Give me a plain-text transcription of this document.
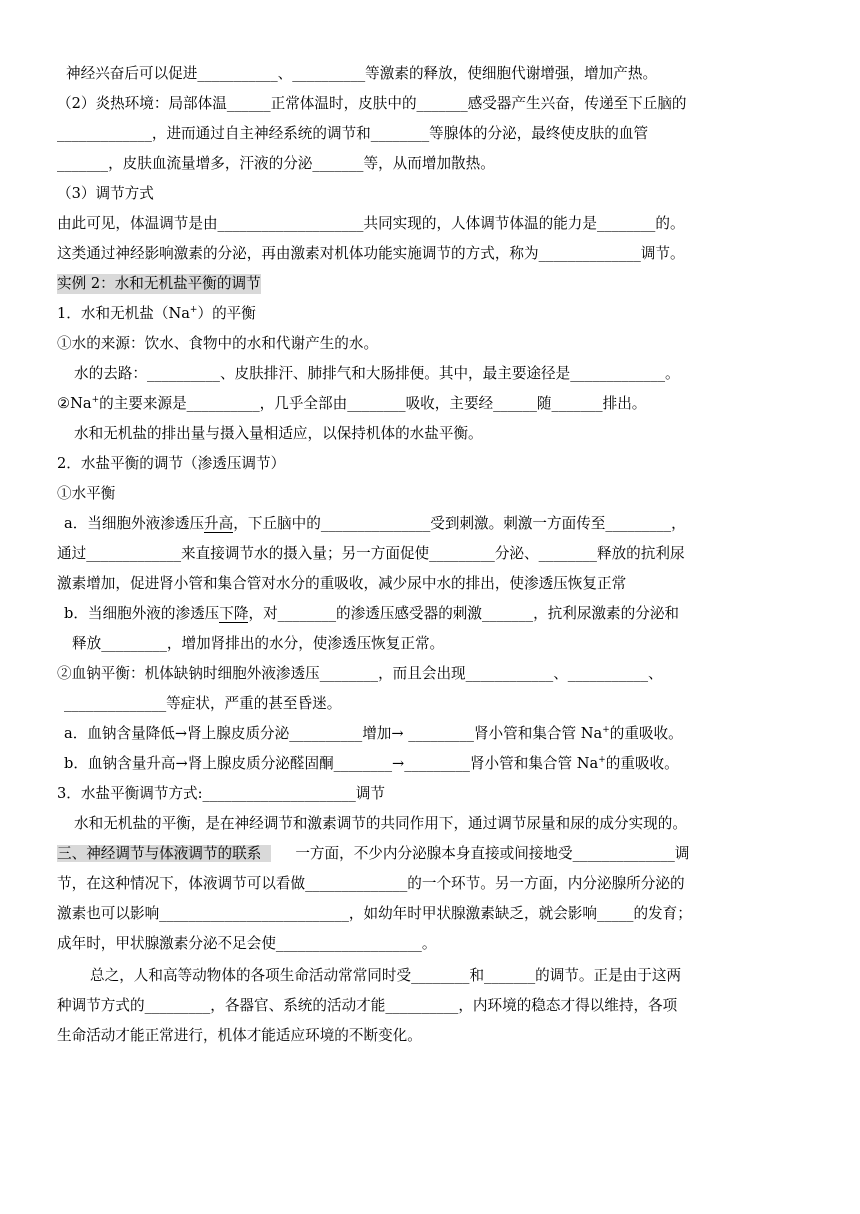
神经兴奋后可以促进___________、__________等激素的释放，使细胞代谢增强，增加产热。
（2）炎热环境：局部体温______正常体温时，皮肤中的_______感受器产生兴奋，传递至下丘脑的
_____________，进而通过自主神经系统的调节和________等腺体的分泌，最终使皮肤的血管
_______，皮肤血流量增多，汗液的分泌_______等，从而增加散热。
（3）调节方式
由此可见，体温调节是由____________________共同实现的，人体调节体温的能力是________的。
这类通过神经影响激素的分泌，再由激素对机体功能实施调节的方式，称为______________调节。
实例 2：水和无机盐平衡的调节
1．水和无机盐（Na+）的平衡
①水的来源：饮水、食物中的水和代谢产生的水。
水的去路：__________、皮肤排汗、肺排气和大肠排便。其中，最主要途径是_____________。
②Na+的主要来源是__________，几乎全部由________吸收，主要经______随_______排出。
水和无机盐的排出量与摄入量相适应，以保持机体的水盐平衡。
2．水盐平衡的调节（渗透压调节）
①水平衡
a．当细胞外液渗透压升高，下丘脑中的_______________受到刺激。刺激一方面传至_________，
通过_____________来直接调节水的摄入量；另一方面促使_________分泌、________释放的抗利尿
激素增加，促进肾小管和集合管对水分的重吸收，减少尿中水的排出，使渗透压恢复正常
b．当细胞外液的渗透压下降，对________的渗透压感受器的刺激_______，抗利尿激素的分泌和
释放_________，增加肾排出的水分，使渗透压恢复正常。
②血钠平衡：机体缺钠时细胞外液渗透压________，而且会出现____________、___________、
______________等症状，严重的甚至昏迷。
a．血钠含量降低→肾上腺皮质分泌__________增加→ _________肾小管和集合管 Na+的重吸收。
b．血钠含量升高→肾上腺皮质分泌醛固酮________→_________肾小管和集合管 Na+的重吸收。
3．水盐平衡调节方式:_____________________调节
水和无机盐的平衡，是在神经调节和激素调节的共同作用下，通过调节尿量和尿的成分实现的。
三、神经调节与体液调节的联系 一方面，不少内分泌腺本身直接或间接地受______________调
节，在这种情况下，体液调节可以看做______________的一个环节。另一方面，内分泌腺所分泌的
激素也可以影响__________________________，如幼年时甲状腺激素缺乏，就会影响_____的发育；
成年时，甲状腺激素分泌不足会使____________________。
总之，人和高等动物体的各项生命活动常常同时受________和_______的调节。正是由于这两
种调节方式的_________，各器官、系统的活动才能__________，内环境的稳态才得以维持，各项
生命活动才能正常进行，机体才能适应环境的不断变化。
